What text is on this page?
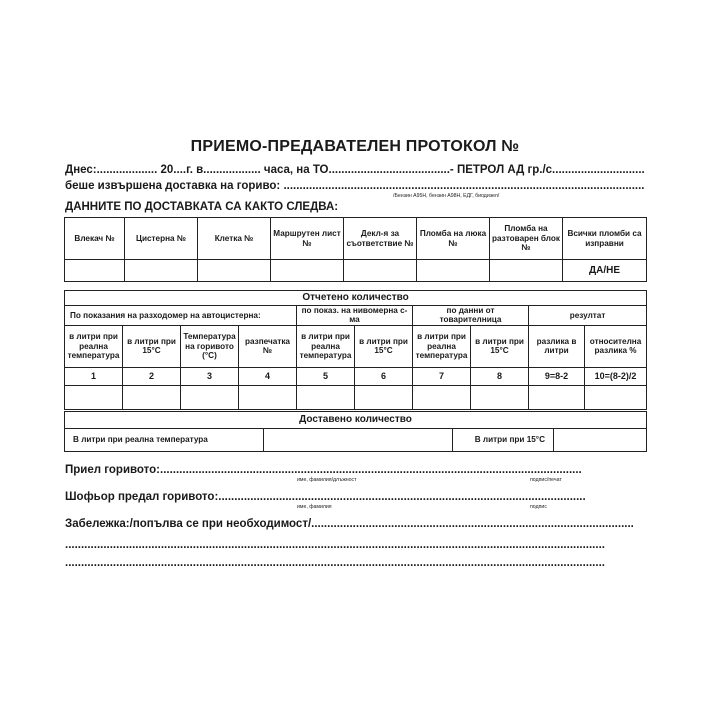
ПРИЕМО-ПРЕДАВАТЕЛЕН ПРОТОКОЛ №
Днес:................... 20....г. в.................. часа, на ТО......................................- ПЕТРОЛ АД гр./с.............................
беше извършена доставка на гориво: .................................................................................................................
/Бензин А95Н, бензин А98Н, ЕДГ, биодизел/
ДАННИТЕ ПО ДОСТАВКАТА СА КАКТО СЛЕДВА:
Влекач №	Цистерна №	Клетка №	Маршрутен лист №	Декл-я за съответствие №	Пломба на люка №	Пломба на разтоварен блок №	Всички пломби са изправни
							ДА/НЕ
Отчетено количество									
По показания на разходомер на автоцистерна:				по показ. на нивомерна с-ма		по данни от товарителница		резултат	
в литри при реална температура	в литри при 15°С	Температура на горивото (°С)	разпечатка №	в литри при реална температура	в литри при 15°С	в литри при реална температура	в литри при 15°С	разлика в литри	относителна разлика %
1	2	3	4	5	6	7	8	9=8-2	10=(8-2)/2

Доставено количество
В литри при реална температура		В литри при 15°С	
Приел горивото:....................................................................................................................................
име, фамилия/длъжност	подпис/печат
Шофьор предал горивото:...................................................................................................................
име, фамилия	подпис
Забележка:/попълва се при необходимост/.....................................................................................................
.........................................................................................................................................................................
.........................................................................................................................................................................
